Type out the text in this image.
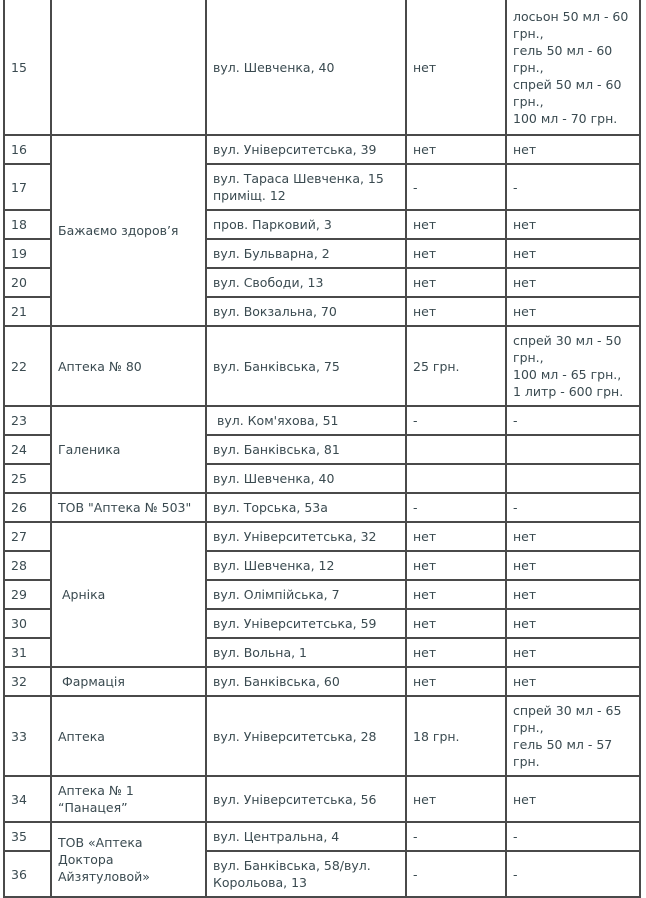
15		вул. Шевченка, 40	нет	лосьон 50 мл - 60 грн.,
гель 50 мл - 60 грн.,
спрей 50 мл - 60 грн.,
100 мл - 70 грн.
16	Бажаємо здоров’я	вул. Університетська, 39	нет	нет
17		вул. Тараса Шевченка, 15 приміщ. 12	-	-
18		пров. Парковий, 3	нет	нет
19		вул. Бульварна, 2	нет	нет
20		вул. Свободи, 13	нет	нет
21		вул. Вокзальна, 70	нет	нет
22	Аптека № 80	вул. Банківська, 75	25 грн.	спрей 30 мл - 50 грн.,
100 мл - 65 грн.,
1 литр - 600 грн.
23	Галеника	вул. Ком'яхова, 51	-	-
24		вул. Банківська, 81		
25		вул. Шевченка, 40		
26	ТОВ "Аптека № 503"	вул. Торська, 53а	-	-
27	Арніка	вул. Університетська, 32	нет	нет
28		вул. Шевченка, 12	нет	нет
29		вул. Олімпійська, 7	нет	нет
30		вул. Університетська, 59	нет	нет
31		вул. Вольна, 1	нет	нет
32	Фармація	вул. Банківська, 60	нет	нет
33	Аптека	вул. Університетська, 28	18 грн.	спрей 30 мл - 65 грн.,
гель 50 мл - 57 грн.
34	Аптека № 1 “Панацея”	вул. Університетська, 56	нет	нет
35	ТОВ «Аптека Доктора Айзятуловой»	вул. Центральна, 4	-	-
36		вул. Банківська, 58/вул. Корольова, 13	-	-
